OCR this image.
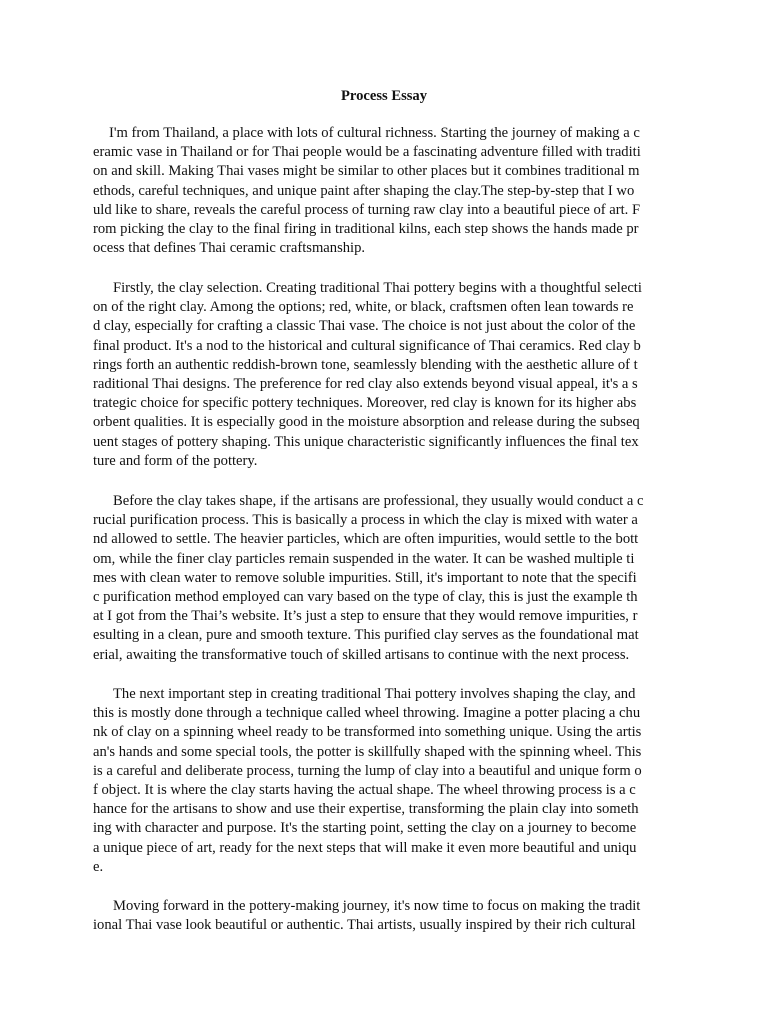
Process Essay
I'm from Thailand, a place with lots of cultural richness. Starting the journey of making a c
eramic vase in Thailand or for Thai people would be a fascinating adventure filled with traditi
on and skill. Making Thai vases might be similar to other places but it combines traditional m
ethods, careful techniques, and unique paint after shaping the clay.The step-by-step that I wo
uld like to share, reveals the careful process of turning raw clay into a beautiful piece of art. F
rom picking the clay to the final firing in traditional kilns, each step shows the hands made pr
ocess that defines Thai ceramic craftsmanship.
Firstly, the clay selection. Creating traditional Thai pottery begins with a thoughtful selecti
on of the right clay. Among the options; red, white, or black, craftsmen often lean towards re
d clay, especially for crafting a classic Thai vase. The choice is not just about the color of the
final product. It's a nod to the historical and cultural significance of Thai ceramics. Red clay b
rings forth an authentic reddish-brown tone, seamlessly blending with the aesthetic allure of t
raditional Thai designs. The preference for red clay also extends beyond visual appeal, it's a s
trategic choice for specific pottery techniques. Moreover, red clay is known for its higher abs
orbent qualities. It is especially good in the moisture absorption and release during the subseq
uent stages of pottery shaping. This unique characteristic significantly influences the final tex
ture and form of the pottery.
Before the clay takes shape, if the artisans are professional, they usually would conduct a c
rucial purification process. This is basically a process in which the clay is mixed with water a
nd allowed to settle. The heavier particles, which are often impurities, would settle to the bott
om, while the finer clay particles remain suspended in the water. It can be washed multiple ti
mes with clean water to remove soluble impurities. Still, it's important to note that the specifi
c purification method employed can vary based on the type of clay, this is just the example th
at I got from the Thai’s website. It’s just a step to ensure that they would remove impurities, r
esulting in a clean, pure and smooth texture. This purified clay serves as the foundational mat
erial, awaiting the transformative touch of skilled artisans to continue with the next process.
The next important step in creating traditional Thai pottery involves shaping the clay, and
this is mostly done through a technique called wheel throwing. Imagine a potter placing a chu
nk of clay on a spinning wheel ready to be transformed into something unique. Using the artis
an's hands and some special tools, the potter is skillfully shaped with the spinning wheel. This
is a careful and deliberate process, turning the lump of clay into a beautiful and unique form o
f object. It is where the clay starts having the actual shape. The wheel throwing process is a c
hance for the artisans to show and use their expertise, transforming the plain clay into someth
ing with character and purpose. It's the starting point, setting the clay on a journey to become
a unique piece of art, ready for the next steps that will make it even more beautiful and uniqu
e.
Moving forward in the pottery-making journey, it's now time to focus on making the tradit
ional Thai vase look beautiful or authentic. Thai artists, usually inspired by their rich cultural
